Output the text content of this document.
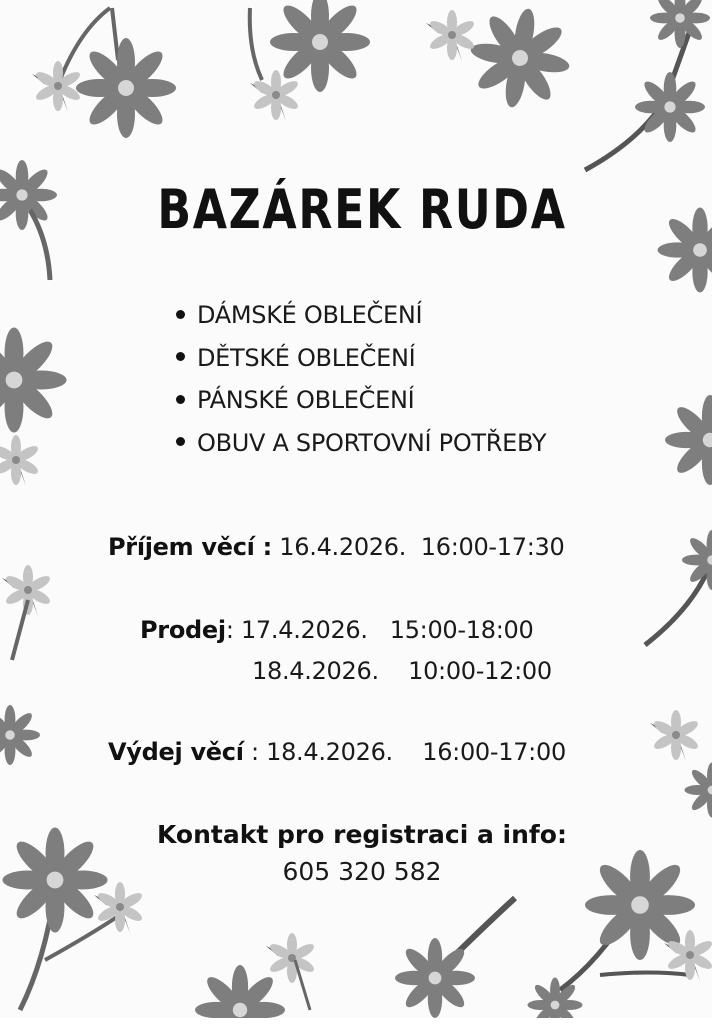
BAZÁREK RUDA
DÁMSKÉ OBLEČENÍ
DĚTSKÉ OBLEČENÍ
PÁNSKÉ OBLEČENÍ
OBUV A SPORTOVNÍ POTŘEBY
Příjem věcí : 16.4.2026. 16:00-17:30
Prodej: 17.4.2026. 15:00-18:00
18.4.2026. 10:00-12:00
Výdej věcí : 18.4.2026. 16:00-17:00
Kontakt pro registraci a info:
605 320 582
